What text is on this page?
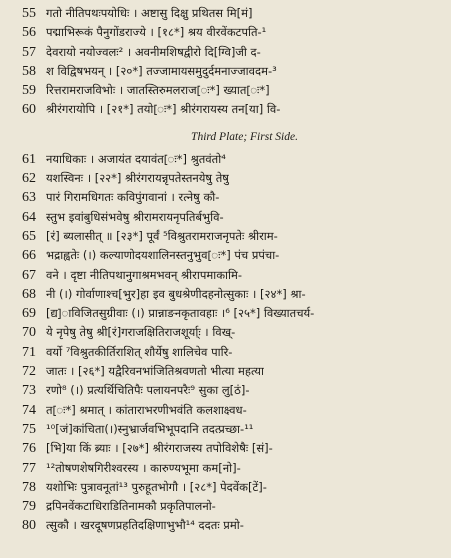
55 गतो नीतिपथःपयोधिः । अष्टासु दिक्षु प्रथितस मि[मं]
56 पद्माभिरूकं पैनुगोंडराज्ये । [१८*] श्रय वीरवेंकटपति-¹
57 देवरायो नयोज्वलः² । अवनीमशिषद्वीरो दि[ग्वि]जी द-
58 श विद्विषभयन् । [२०*] तज्जामायसमुदुर्दमनाज्जावदम-³
59 रित्तरामराजविभोः । जातस्तिरुमलराज[ः*] ख्यात[ः*]
60 श्रीरंगरायोपि । [२१*] तयो[ः*] श्रीरंगरायस्य तन[या] वि-
Third Plate; First Side.
61 नयाधिकाः । अजायंत दयावंत[ः*] श्रुतवंतो⁴
62 यशस्विनः । [२२*] श्रीरंगरायन्नृपतेस्तनयेषु तेषु
63 पारं गिरामधिगतः कविपुंगवानां । रत्नेषु कौ-
64 स्तुभ इवांबुधिसंभवेषु श्रीरामरायनृपतिर्बभुवि-
65 [रं] ब्यलासीत् ॥ [२३*] पूर्वं ⁵विश्रुतरामराजनृपतेः श्रीराम-
66 भद्राह्वतेः (।) कल्याणोदयशालिनस्तनुभुव[ः*] पंच प्रपंचा-
67 वने । दृष्टा नीतिपथानुगाश्रमभवन् श्रीरापमाकामि-
68 नी (।) गोर्वाणाश्च[भुर]हा इव बुधश्रेणीदहनोत्सुकाः । [२४*] श्रा-
69 [द्य]ाविजितसुग्रीवाः (।) प्रान्नाङनकृतावहाः ।⁶ [२५*] विख्यातचर्य-
70 ये नृपेषु तेषु श्री[रं]गराजक्षितिराजशूर्या्ः । विख्-
71 वर्यो ⁷विश्रुतकीर्तिराशित् शौर्येषु शालिचेव पारि-
72 जातः । [२६*] यद्वैरिवनभांजितिश्रवणतो भीत्या महत्या
73 रणो⁸ (।) प्रत्यर्थिचितिपैः पलायनपरैः⁹ सुका लु[ठं]-
74 त[ः*] श्रमात् । कांताराभरणीभवंति कलशाक्ष्वध-
75 ¹⁰[जं]कांचिता(।)स्नुभ्रार्जवभिभूपदानि तदत्प्रच्छा-¹¹
76 [भि]या किं ब्र्याः । [२७*] श्रीरंगराजस्य तपोविशेषैः [सं]-
77 ¹²तोषणशेषगिरीश्वरस्य । कारुण्यभूमा कम[नो]-
78 यशोभिः पुत्रावनूतां¹³ पुरुहूतभोगौ । [२८*] पेदवेंक[टें]-
79 द्रपिनवेंकटाधिराडितिनामकौ प्रकृतिपालनो-
80 त्सुकौ । खरदूषणप्रहतिदक्षिणाभुभौ¹⁴ ददतः प्रमो-
